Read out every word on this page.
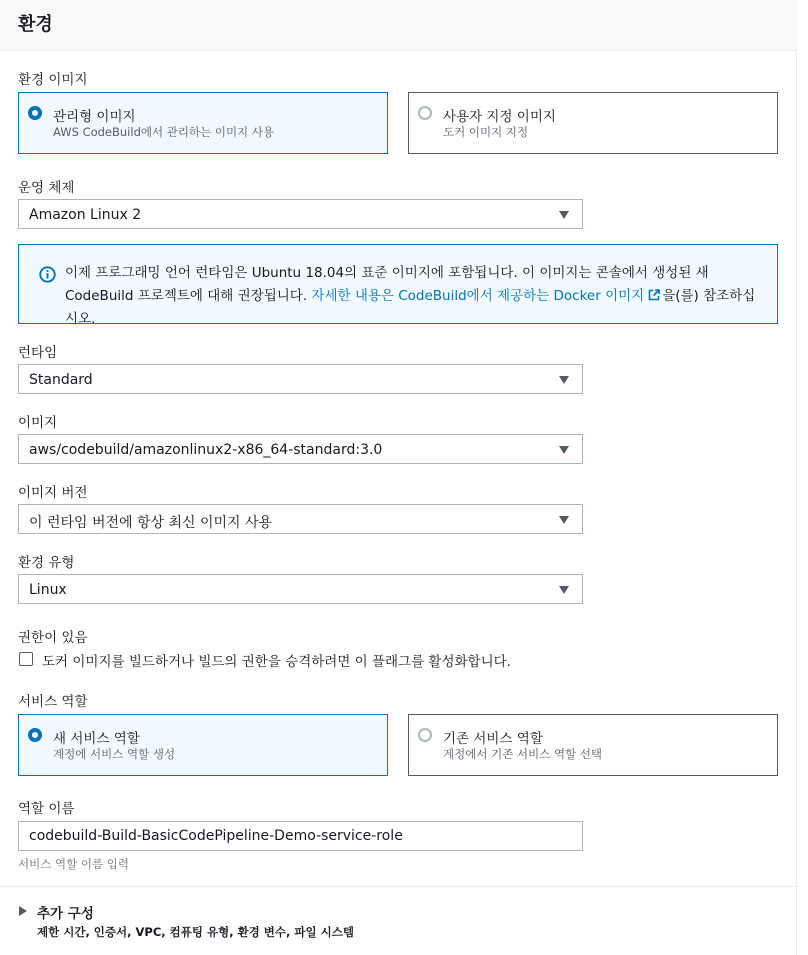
환경
환경 이미지
관리형 이미지
AWS CodeBuild에서 관리하는 이미지 사용
사용자 지정 이미지
도커 이미지 지정
운영 체제
Amazon Linux 2
이제 프로그래밍 언어 런타임은 Ubuntu 18.04의 표준 이미지에 포함됩니다. 이 이미지는 콘솔에서 생성된 새 CodeBuild 프로젝트에 대해 권장됩니다. 자세한 내용은 CodeBuild에서 제공하는 Docker 이미지 을(를) 참조하십시오.
런타임
Standard
이미지
aws/codebuild/amazonlinux2-x86_64-standard:3.0
이미지 버전
이 런타임 버전에 항상 최신 이미지 사용
환경 유형
Linux
권한이 있음
도커 이미지를 빌드하거나 빌드의 권한을 승격하려면 이 플래그를 활성화합니다.
서비스 역할
새 서비스 역할
계정에 서비스 역할 생성
기존 서비스 역할
계정에서 기존 서비스 역할 선택
역할 이름
codebuild-Build-BasicCodePipeline-Demo-service-role
서비스 역할 이름 입력
추가 구성
제한 시간, 인증서, VPC, 컴퓨팅 유형, 환경 변수, 파일 시스템
